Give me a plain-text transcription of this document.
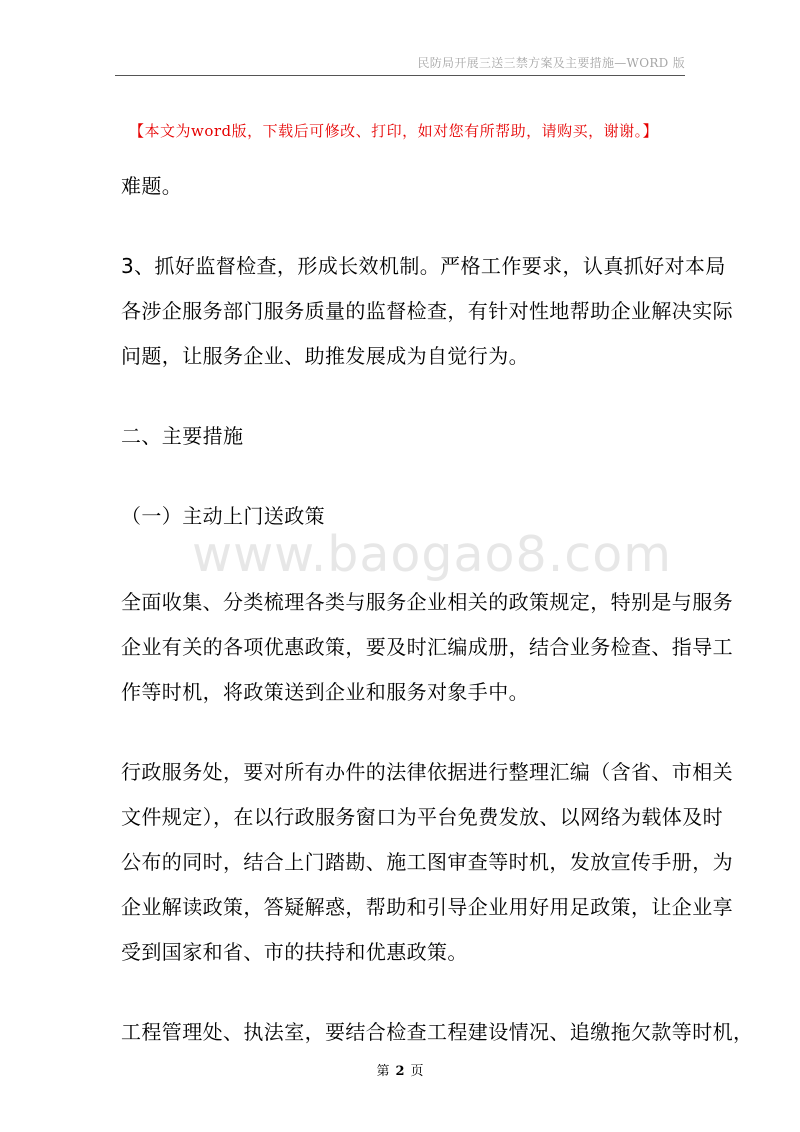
民防局开展三送三禁方案及主要措施—WORD 版
【本文为word版，下载后可修改、打印，如对您有所帮助，请购买，谢谢。】
难题。
3、抓好监督检查，形成长效机制。严格工作要求，认真抓好对本局
各涉企服务部门服务质量的监督检查，有针对性地帮助企业解决实际
问题，让服务企业、助推发展成为自觉行为。
二、主要措施
（一）主动上门送政策
www.baogao8.com
全面收集、分类梳理各类与服务企业相关的政策规定，特别是与服务
企业有关的各项优惠政策，要及时汇编成册，结合业务检查、指导工
作等时机，将政策送到企业和服务对象手中。
行政服务处，要对所有办件的法律依据进行整理汇编（含省、市相关
文件规定），在以行政服务窗口为平台免费发放、以网络为载体及时
公布的同时，结合上门踏勘、施工图审查等时机，发放宣传手册，为
企业解读政策，答疑解惑，帮助和引导企业用好用足政策，让企业享
受到国家和省、市的扶持和优惠政策。
工程管理处、执法室，要结合检查工程建设情况、追缴拖欠款等时机，
第 2 页
